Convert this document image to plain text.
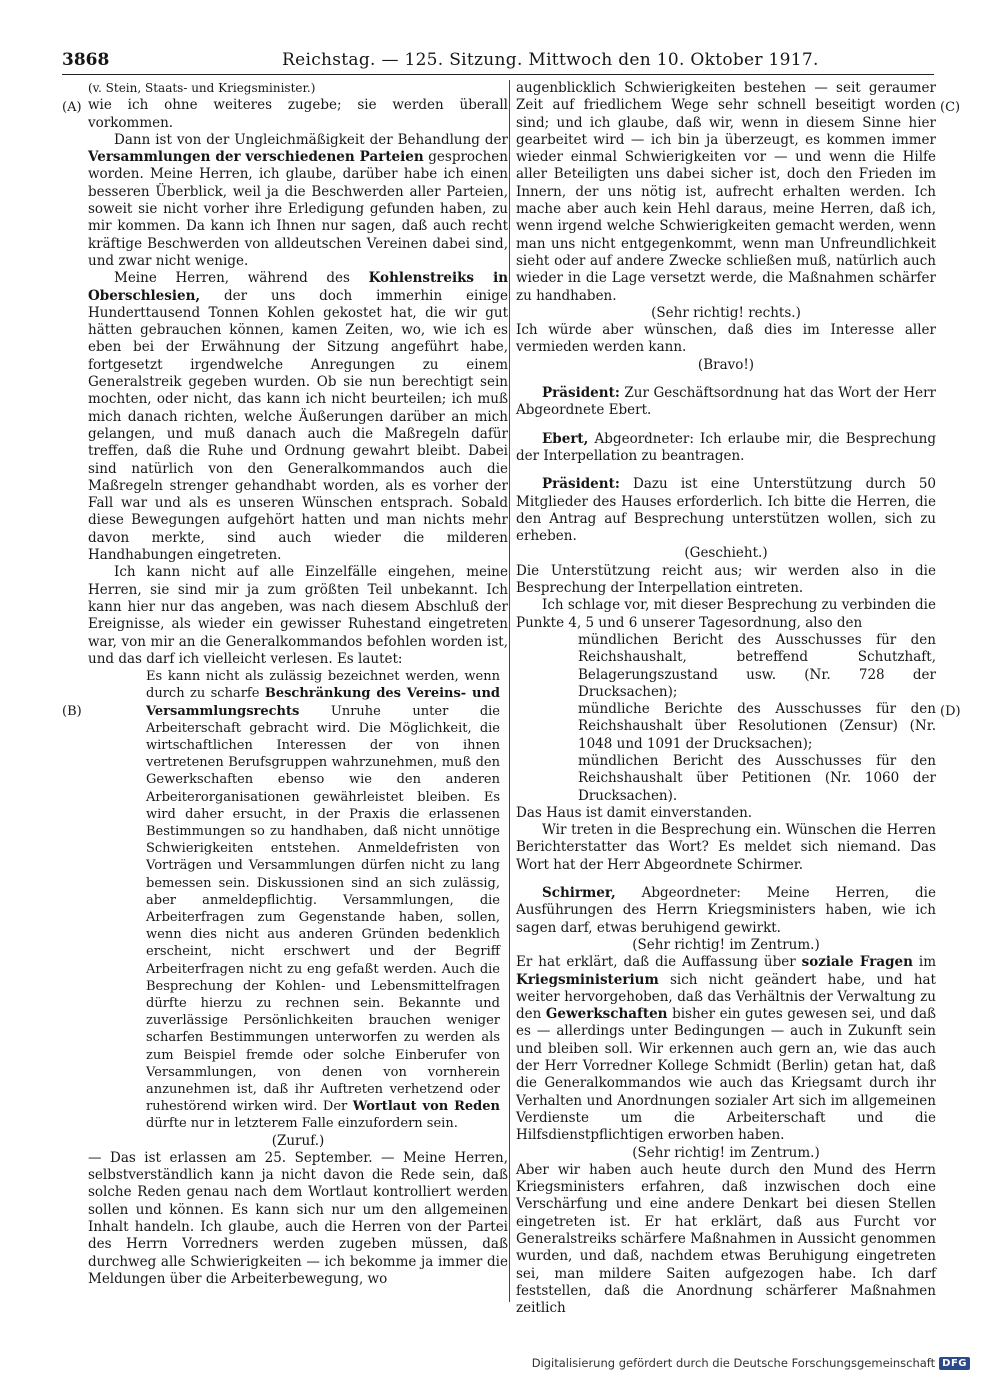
3868	Reichstag. — 125. Sitzung. Mittwoch den 10. Oktober 1917.
(A)
(B)
(C)
(D)

(v. Stein, Staats- und Kriegsminister.)

wie ich ohne weiteres zugebe; sie werden überall vorkommen.

Dann ist von der Ungleichmäßigkeit der Behandlung der Versammlungen der verschiedenen Parteien gesprochen worden. Meine Herren, ich glaube, darüber habe ich einen besseren Überblick, weil ja die Beschwerden aller Parteien, soweit sie nicht vorher ihre Erledigung gefunden haben, zu mir kommen. Da kann ich Ihnen nur sagen, daß auch recht kräftige Beschwerden von alldeutschen Vereinen dabei sind, und zwar nicht wenige.

Meine Herren, während des Kohlenstreiks in Oberschlesien, der uns doch immerhin einige Hunderttausend Tonnen Kohlen gekostet hat, die wir gut hätten gebrauchen können, kamen Zeiten, wo, wie ich es eben bei der Erwähnung der Sitzung angeführt habe, fortgesetzt irgendwelche Anregungen zu einem Generalstreik gegeben wurden. Ob sie nun berechtigt sein mochten, oder nicht, das kann ich nicht beurteilen; ich muß mich danach richten, welche Äußerungen darüber an mich gelangen, und muß danach auch die Maßregeln dafür treffen, daß die Ruhe und Ordnung gewahrt bleibt. Dabei sind natürlich von den Generalkommandos auch die Maßregeln strenger gehandhabt worden, als es vorher der Fall war und als es unseren Wünschen entsprach. Sobald diese Bewegungen aufgehört hatten und man nichts mehr davon merkte, sind auch wieder die milderen Handhabungen eingetreten.

Ich kann nicht auf alle Einzelfälle eingehen, meine Herren, sie sind mir ja zum größten Teil unbekannt. Ich kann hier nur das angeben, was nach diesem Abschluß der Ereignisse, als wieder ein gewisser Ruhestand eingetreten war, von mir an die Generalkommandos befohlen worden ist, und das darf ich vielleicht verlesen. Es lautet:

Es kann nicht als zulässig bezeichnet werden, wenn durch zu scharfe Beschränkung des Vereins- und Versammlungsrechts Unruhe unter die Arbeiterschaft gebracht wird. Die Möglichkeit, die wirtschaftlichen Interessen der von ihnen vertretenen Berufsgruppen wahrzunehmen, muß den Gewerkschaften ebenso wie den anderen Arbeiterorganisationen gewährleistet bleiben. Es wird daher ersucht, in der Praxis die erlassenen Bestimmungen so zu handhaben, daß nicht unnötige Schwierigkeiten entstehen. Anmeldefristen von Vorträgen und Versammlungen dürfen nicht zu lang bemessen sein. Diskussionen sind an sich zulässig, aber anmeldepflichtig. Versammlungen, die Arbeiterfragen zum Gegenstande haben, sollen, wenn dies nicht aus anderen Gründen bedenklich erscheint, nicht erschwert und der Begriff Arbeiterfragen nicht zu eng gefaßt werden. Auch die Besprechung der Kohlen- und Lebensmittelfragen dürfte hierzu zu rechnen sein. Bekannte und zuverlässige Persönlichkeiten brauchen weniger scharfen Bestimmungen unterworfen zu werden als zum Beispiel fremde oder solche Einberufer von Versammlungen, von denen von vornherein anzunehmen ist, daß ihr Auftreten verhetzend oder ruhestörend wirken wird. Der Wortlaut von Reden dürfte nur in letzterem Falle einzufordern sein.

(Zuruf.)

— Das ist erlassen am 25. September. — Meine Herren, selbstverständlich kann ja nicht davon die Rede sein, daß solche Reden genau nach dem Wortlaut kontrolliert werden sollen und können. Es kann sich nur um den allgemeinen Inhalt handeln. Ich glaube, auch die Herren von der Partei des Herrn Vorredners werden zugeben müssen, daß durchweg alle Schwierigkeiten — ich bekomme ja immer die Meldungen über die Arbeiterbewegung, wo

augenblicklich Schwierigkeiten bestehen — seit geraumer Zeit auf friedlichem Wege sehr schnell beseitigt worden sind; und ich glaube, daß wir, wenn in diesem Sinne hier gearbeitet wird — ich bin ja überzeugt, es kommen immer wieder einmal Schwierigkeiten vor — und wenn die Hilfe aller Beteiligten uns dabei sicher ist, doch den Frieden im Innern, der uns nötig ist, aufrecht erhalten werden. Ich mache aber auch kein Hehl daraus, meine Herren, daß ich, wenn irgend welche Schwierigkeiten gemacht werden, wenn man uns nicht entgegenkommt, wenn man Unfreundlichkeit sieht oder auf andere Zwecke schließen muß, natürlich auch wieder in die Lage versetzt werde, die Maßnahmen schärfer zu handhaben.

(Sehr richtig! rechts.)

Ich würde aber wünschen, daß dies im Interesse aller vermieden werden kann.

(Bravo!)

Präsident: Zur Geschäftsordnung hat das Wort der Herr Abgeordnete Ebert.

Ebert, Abgeordneter: Ich erlaube mir, die Besprechung der Interpellation zu beantragen.

Präsident: Dazu ist eine Unterstützung durch 50 Mitglieder des Hauses erforderlich. Ich bitte die Herren, die den Antrag auf Besprechung unterstützen wollen, sich zu erheben.

(Geschieht.)

Die Unterstützung reicht aus; wir werden also in die Besprechung der Interpellation eintreten.

Ich schlage vor, mit dieser Besprechung zu verbinden die Punkte 4, 5 und 6 unserer Tagesordnung, also den

mündlichen Bericht des Ausschusses für den Reichshaushalt, betreffend Schutzhaft, Belagerungszustand usw. (Nr. 728 der Drucksachen);

mündliche Berichte des Ausschusses für den Reichshaushalt über Resolutionen (Zensur) (Nr. 1048 und 1091 der Drucksachen);

mündlichen Bericht des Ausschusses für den Reichshaushalt über Petitionen (Nr. 1060 der Drucksachen).

Das Haus ist damit einverstanden.

Wir treten in die Besprechung ein. Wünschen die Herren Berichterstatter das Wort? Es meldet sich niemand. Das Wort hat der Herr Abgeordnete Schirmer.

Schirmer, Abgeordneter: Meine Herren, die Ausführungen des Herrn Kriegsministers haben, wie ich sagen darf, etwas beruhigend gewirkt.

(Sehr richtig! im Zentrum.)

Er hat erklärt, daß die Auffassung über soziale Fragen im Kriegsministerium sich nicht geändert habe, und hat weiter hervorgehoben, daß das Verhältnis der Verwaltung zu den Gewerkschaften bisher ein gutes gewesen sei, und daß es — allerdings unter Bedingungen — auch in Zukunft sein und bleiben soll. Wir erkennen auch gern an, wie das auch der Herr Vorredner Kollege Schmidt (Berlin) getan hat, daß die Generalkommandos wie auch das Kriegsamt durch ihr Verhalten und Anordnungen sozialer Art sich im allgemeinen Verdienste um die Arbeiterschaft und die Hilfsdienstpflichtigen erworben haben.

(Sehr richtig! im Zentrum.)

Aber wir haben auch heute durch den Mund des Herrn Kriegsministers erfahren, daß inzwischen doch eine Verschärfung und eine andere Denkart bei diesen Stellen eingetreten ist. Er hat erklärt, daß aus Furcht vor Generalstreiks schärfere Maßnahmen in Aussicht genommen wurden, und daß, nachdem etwas Beruhigung eingetreten sei, man mildere Saiten aufgezogen habe. Ich darf feststellen, daß die Anordnung schärferer Maßnahmen zeitlich

Digitalisierung gefördert durch die Deutsche Forschungsgemeinschaft DFG
